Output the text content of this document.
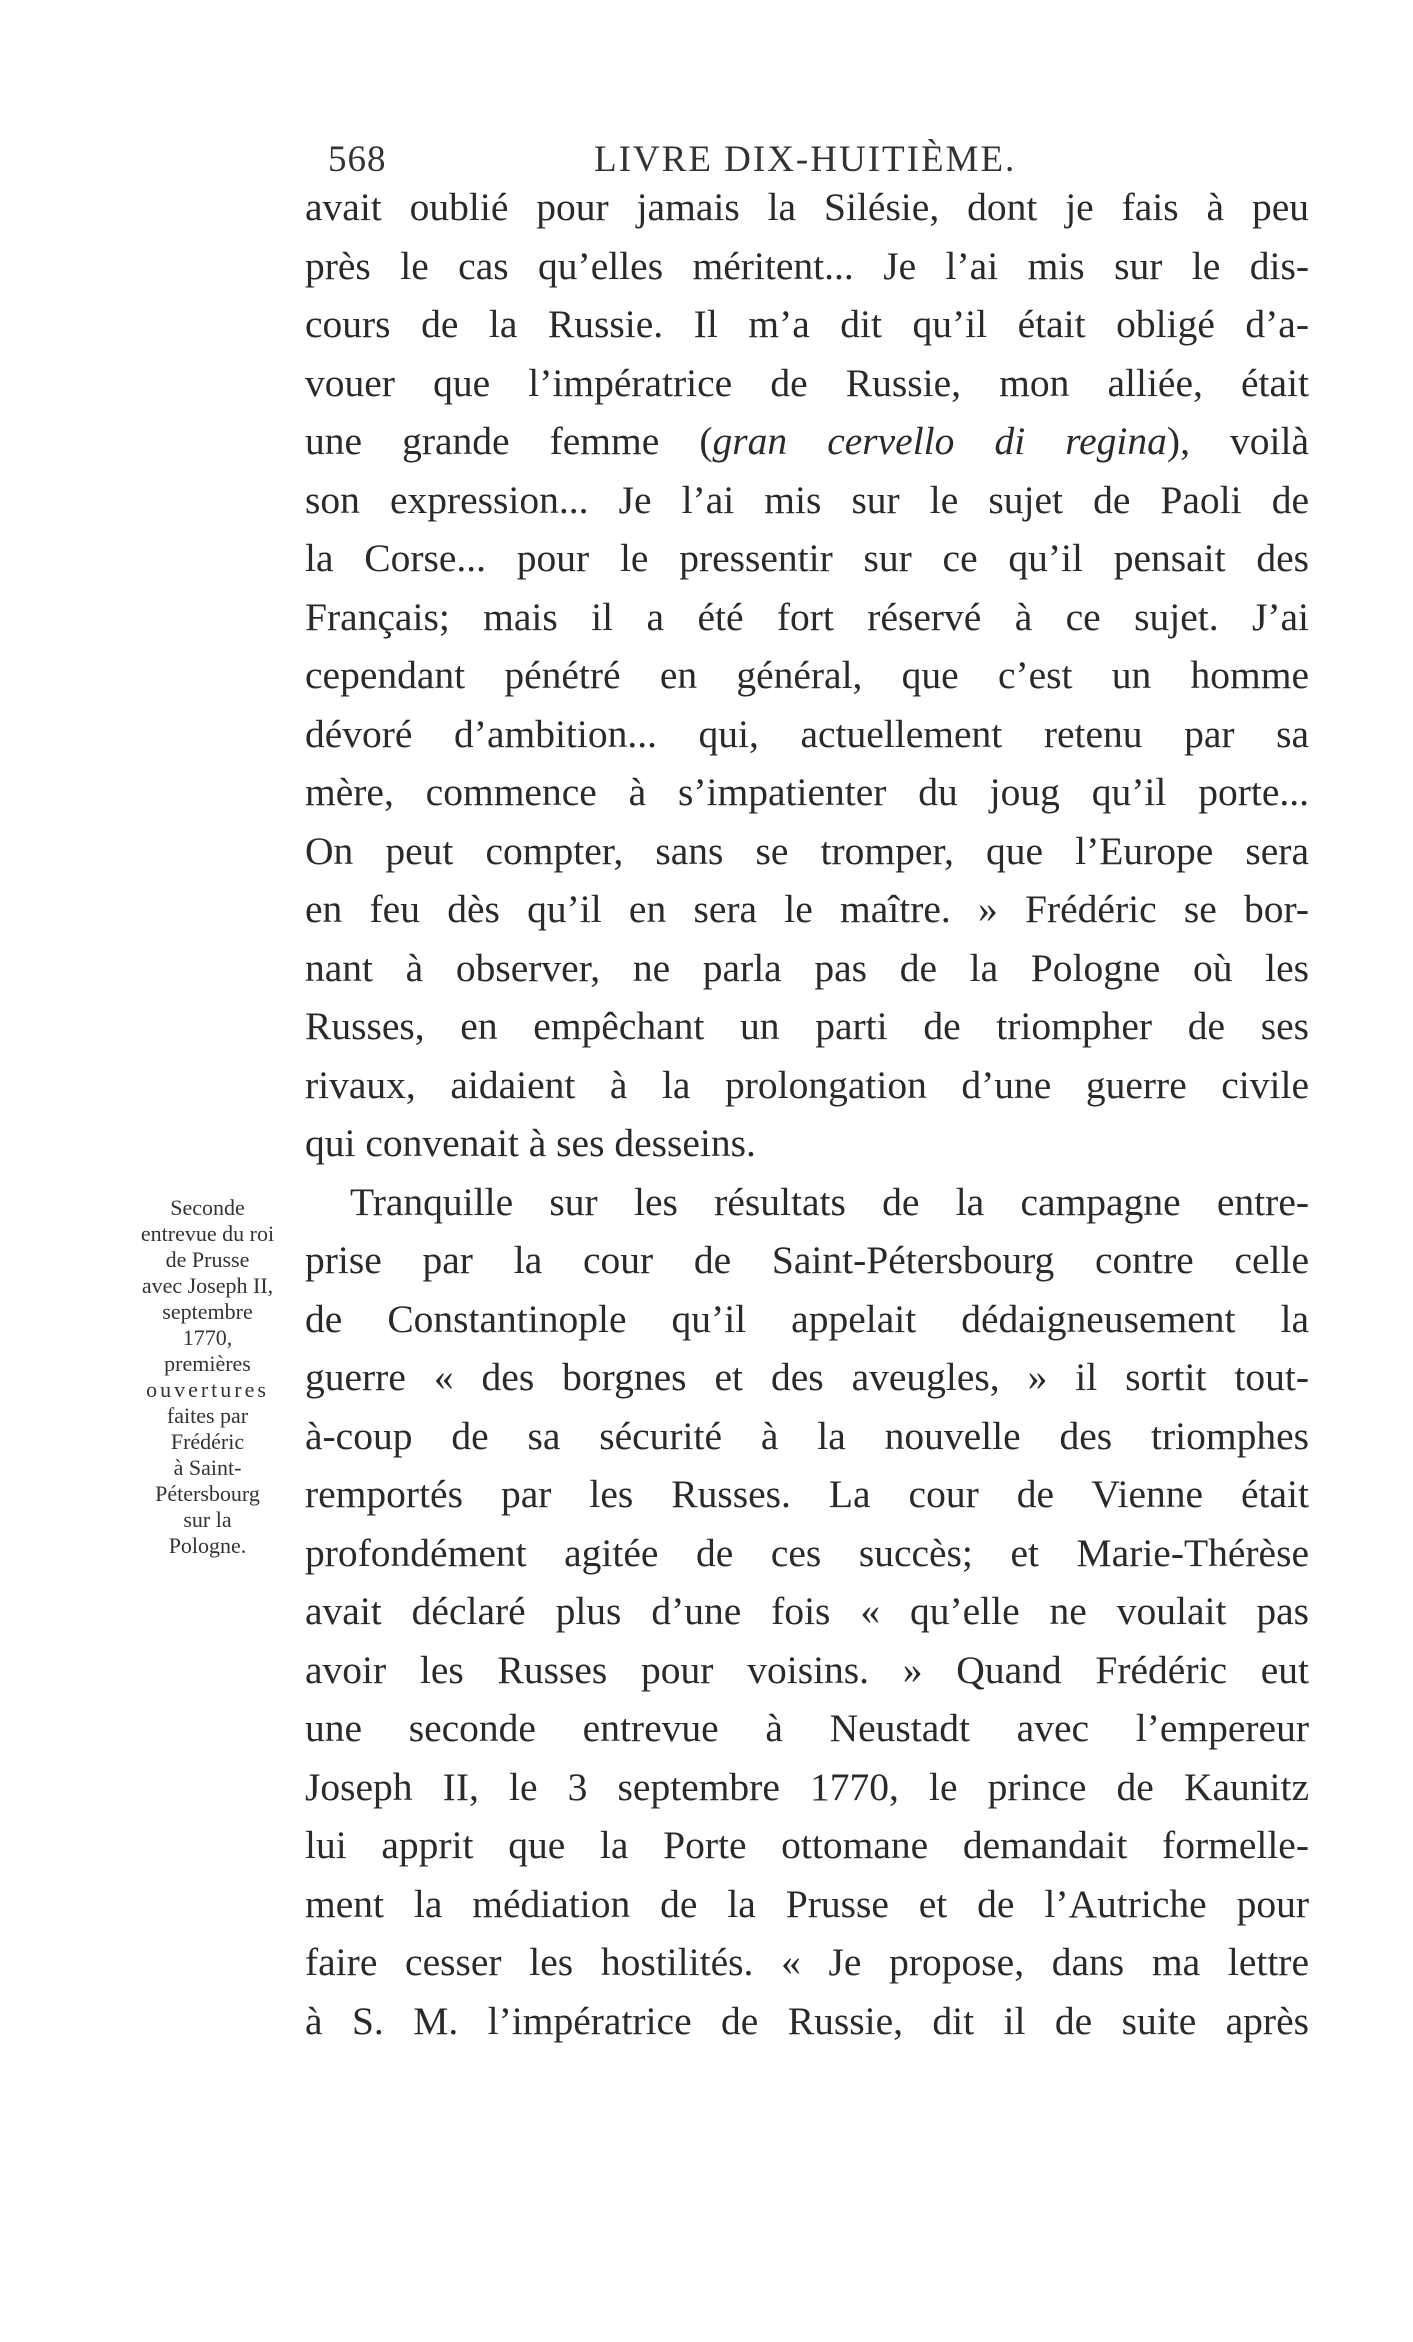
568	LIVRE DIX-HUITIÈME.
Seconde
entrevue du roi
de Prusse
avec Joseph II,
septembre
1770,
premières
ouvertures
faites par
Frédéric
à Saint-
Pétersbourg
sur la
Pologne.
avait oublié pour jamais la Silésie, dont je fais à peu
près le cas qu’elles méritent... Je l’ai mis sur le dis-
cours de la Russie. Il m’a dit qu’il était obligé d’a-
vouer que l’impératrice de Russie, mon alliée, était
une grande femme (gran cervello di regina), voilà
son expression... Je l’ai mis sur le sujet de Paoli de
la Corse... pour le pressentir sur ce qu’il pensait des
Français; mais il a été fort réservé à ce sujet. J’ai
cependant pénétré en général, que c’est un homme
dévoré d’ambition... qui, actuellement retenu par sa
mère, commence à s’impatienter du joug qu’il porte...
On peut compter, sans se tromper, que l’Europe sera
en feu dès qu’il en sera le maître. » Frédéric se bor-
nant à observer, ne parla pas de la Pologne où les
Russes, en empêchant un parti de triompher de ses
rivaux, aidaient à la prolongation d’une guerre civile
qui convenait à ses desseins.
Tranquille sur les résultats de la campagne entre-
prise par la cour de Saint-Pétersbourg contre celle
de Constantinople qu’il appelait dédaigneusement la
guerre « des borgnes et des aveugles, » il sortit tout-
à-coup de sa sécurité à la nouvelle des triomphes
remportés par les Russes. La cour de Vienne était
profondément agitée de ces succès; et Marie-Thérèse
avait déclaré plus d’une fois « qu’elle ne voulait pas
avoir les Russes pour voisins. » Quand Frédéric eut
une seconde entrevue à Neustadt avec l’empereur
Joseph II, le 3 septembre 1770, le prince de Kaunitz
lui apprit que la Porte ottomane demandait formelle-
ment la médiation de la Prusse et de l’Autriche pour
faire cesser les hostilités. « Je propose, dans ma lettre
à S. M. l’impératrice de Russie, dit il de suite après
